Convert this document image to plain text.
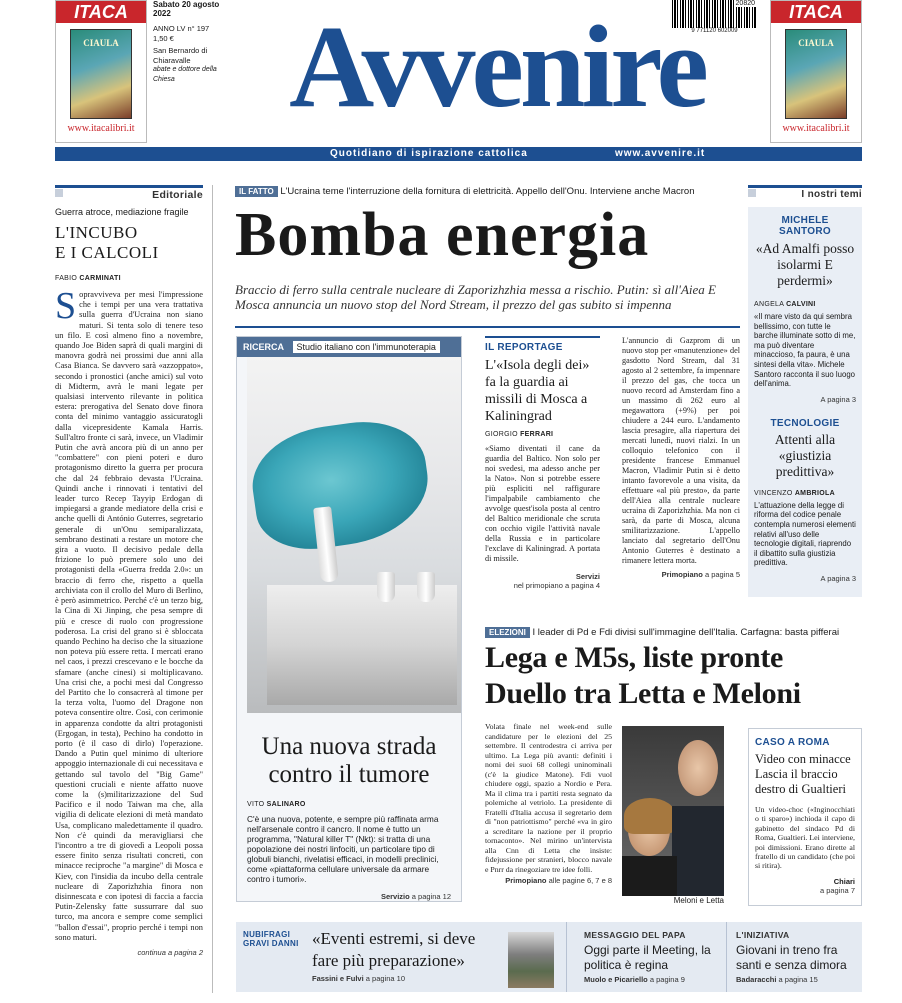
ITACA
CIAULA
www.itacalibri.it
Sabato 20 agosto 2022
ANNO LV n° 197
1,50 €
San Bernardo di Chiaravalle
abate e dottore della Chiesa
9 771120 602009
20820
Avvenire	ITACA
CIAULA
www.itacalibri.it
Quotidiano di ispirazione cattolica	www.avvenire.it
Editoriale
Guerra atroce, mediazione fragile
L'INCUBO
E I CALCOLI
FABIO CARMINATI
Sopravviveva per mesi l'impressione che i tempi per una vera trattativa sulla guerra d'Ucraina non siano maturi. Si tenta solo di tenere teso un filo. E così almeno fino a novembre, quando Joe Biden saprà di quali margini di manovra godrà nei prossimi due anni alla Casa Bianca. Se davvero sarà «azzoppato», secondo i pronostici (anche amici) sul voto di Midterm, avrà le mani legate per qualsiasi intervento rilevante in politica estera: prerogativa del Senato dove finora conta del minimo vantaggio assicuratogli dalla vicepresidente Kamala Harris. Sull'altro fronte ci sarà, invece, un Vladimir Putin che avrà ancora più di un anno per "combattere" con pieni poteri e duro protagonismo diretto la guerra per procura che dal 24 febbraio devasta l'Ucraina. Quindi anche i rinnovati i tentativi del leader turco Recep Tayyip Erdogan di impiegarsi a grande mediatore della crisi e anche quelli di António Guterres, segretario generale di un'Onu semiparalizzata, sembrano destinati a restare un motore che gira a vuoto. Il decisivo pedale della frizione lo può premere solo uno dei protagonisti della «Guerra fredda 2.0»: un braccio di ferro che, rispetto a quella archiviata con il crollo del Muro di Berlino, è però asimmetrico. Perché c'è un terzo big, la Cina di Xi Jinping, che pesa sempre di più e cresce di ruolo con progressione poderosa. La crisi del grano si è sbloccata quando Pechino ha deciso che la situazione non poteva più essere retta. I mercati erano nel caos, i prezzi crescevano e le bocche da sfamare (anche cinesi) si moltiplicavano. Una crisi che, a pochi mesi dal Congresso del Partito che lo consacrerà al timone per la terza volta, l'uomo del Dragone non poteva consentire oltre. Così, con cerimonie in apparenza condotte da altri protagonisti (Ergogan, in testa), Pechino ha condotto in porto (è il caso di dirlo) l'operazione. Dando a Putin quel minimo di ulteriore appoggio internazionale di cui necessitava e gettando sul tavolo del "Big Game" questioni cruciali e niente affatto nuove come la (s)militarizzazione del Sud Pacifico e il nodo Taiwan ma che, alla vigilia di delicate elezioni di metà mandato Usa, complicano maledettamente il quadro. Non c'è quindi da meravigliarsi che l'incontro a tre di giovedì a Leopoli possa essere finito senza risultati concreti, con minacce reciproche "a margine" di Mosca e Kiev, con l'insidia da incubo della centrale nucleare di Zaporizhzhia finora non disinnescata e con ipotesi di faccia a faccia Putin-Zelensky fatte sussurrare dal suo turco, ma ancora e sempre come semplici "ballon d'essai", proprio perché i tempi non sono maturi.
continua a pagina 2
IL FATTO L'Ucraina teme l'interruzione della fornitura di elettricità. Appello dell'Onu. Interviene anche Macron
Bomba energia
Braccio di ferro sulla centrale nucleare di Zaporizhzhia messa a rischio. Putin: sì all'Aiea E Mosca annuncia un nuovo stop del Nord Stream, il prezzo del gas subito si impenna
RICERCA Studio italiano con l'immunoterapia
Una nuova strada
contro il tumore
VITO SALINARO
C'è una nuova, potente, e sempre più raffinata arma nell'arsenale contro il cancro. Il nome è tutto un programma, "Natural killer T" (Nkt): si tratta di una popolazione dei nostri linfociti, un particolare tipo di globuli bianchi, rivelatisi efficaci, in modelli preclinici, come «piattaforma cellulare universale da armare contro i tumori».
Servizio a pagina 12
IL REPORTAGE
L'«Isola degli dei» fa la guardia ai missili di Mosca a Kaliningrad
GIORGIO FERRARI
«Siamo diventati il cane da guardia del Baltico. Non solo per noi svedesi, ma adesso anche per la Nato». Non si potrebbe essere più espliciti nel raffigurare l'impalpabile cambiamento che avvolge quest'isola posta al centro del Baltico meridionale che scruta con occhio vigile l'attività navale della Russia e in particolare l'exclave di Kaliningrad. A portata di missile.
Servizi
nel primopiano a pagina 4
L'annuncio di Gazprom di un nuovo stop per «manutenzione» del gasdotto Nord Stream, dal 31 agosto al 2 settembre, fa impennare il prezzo del gas, che tocca un nuovo record ad Amsterdam fino a un massimo di 262 euro al megawattora (+9%) per poi chiudere a 244 euro. L'andamento lascia presagire, alla riapertura dei mercati lunedì, nuovi rialzi. In un colloquio telefonico con il presidente francese Emmanuel Macron, Vladimir Putin si è detto intanto favorevole a una visita, da effettuare «al più presto», da parte dell'Aiea alla centrale nucleare ucraina di Zaporizhzhia. Ma non ci sarà, da parte di Mosca, alcuna smilitarizzazione. L'appello lanciato dal segretario dell'Onu Antonio Guterres è destinato a rimanere lettera morta.
Primopiano a pagina 5
I nostri temi
MICHELE SANTORO
«Ad Amalfi posso isolarmi E perdermi»
ANGELA CALVINI
«Il mare visto da qui sembra bellissimo, con tutte le barche illuminate sotto di me, ma può diventare minaccioso, fa paura, è una sintesi della vita». Michele Santoro racconta il suo luogo dell'anima.
A pagina 3
TECNOLOGIE
Attenti alla «giustizia predittiva»
VINCENZO AMBRIOLA
L'attuazione della legge di riforma del codice penale contempla numerosi elementi relativi all'uso delle tecnologie digitali, riaprendo il dibattito sulla giustizia predittiva.
A pagina 3
ELEZIONI I leader di Pd e Fdi divisi sull'immagine dell'Italia. Carfagna: basta pifferai
Lega e M5s, liste pronte
Duello tra Letta e Meloni
Volata finale nel week-end sulle candidature per le elezioni del 25 settembre. Il centrodestra ci arriva per ultimo. La Lega più avanti: definiti i nomi dei suoi 68 collegi uninominali (c'è la giudice Matone). Fdi vuol chiudere oggi, spazio a Nordio e Pera. Ma il clima tra i partiti resta segnato da polemiche al vetriolo. La presidente di Fratelli d'Italia accusa il segretario dem di "non patriottismo" perché «va in giro a screditare la nazione per il proprio tornaconto». Nel mirino un'intervista alla Cnn di Letta che insiste: fidejussione per stranieri, blocco navale e Pnrr da rinegoziare tre idee folli.
Primopiano alle pagine 6, 7 e 8
Meloni e Letta
CASO A ROMA
Video con minacce Lascia il braccio destro di Gualtieri
Un video-choc («Inginocchiati o ti sparo») inchioda il capo di gabinetto del sindaco Pd di Roma, Gualtieri. Lei interviene, poi dimissioni. Erano dirette al fratello di un candidato (che poi si ritira).
Chiari
a pagina 7
NUBIFRAGI
GRAVI DANNI «Eventi estremi, si deve fare più preparazione»
Fassini e Fulvi a pagina 10
MESSAGGIO DEL PAPA
Oggi parte il Meeting, la politica è regina
Muolo e Picariello a pagina 9
L'INIZIATIVA
Giovani in treno fra santi e senza dimora
Badaracchi a pagina 15
